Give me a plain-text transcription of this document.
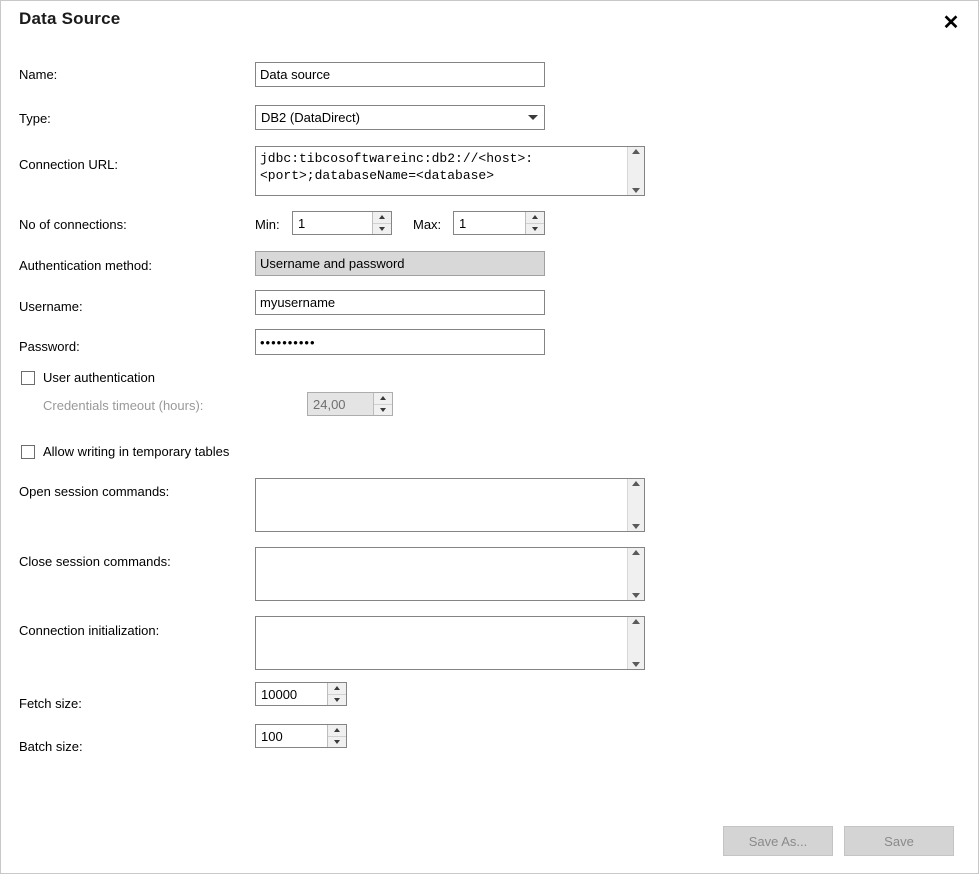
Data Source	✕
Name:
Data source
Type:	DB2 (DataDirect)
Connection URL:
jdbc:tibcosoftwareinc:db2://<host>:<port>;databaseName=<database>
No of connections:	Min:	1	Max:	1
Authentication method:	Username and password
Username:
myusername
Password:	••••••••••
User authentication
Credentials timeout (hours):	24,00
Allow writing in temporary tables
Open session commands:
Close session commands:
Connection initialization:
Fetch size:
10000
Batch size:
100
Save As...	Save
